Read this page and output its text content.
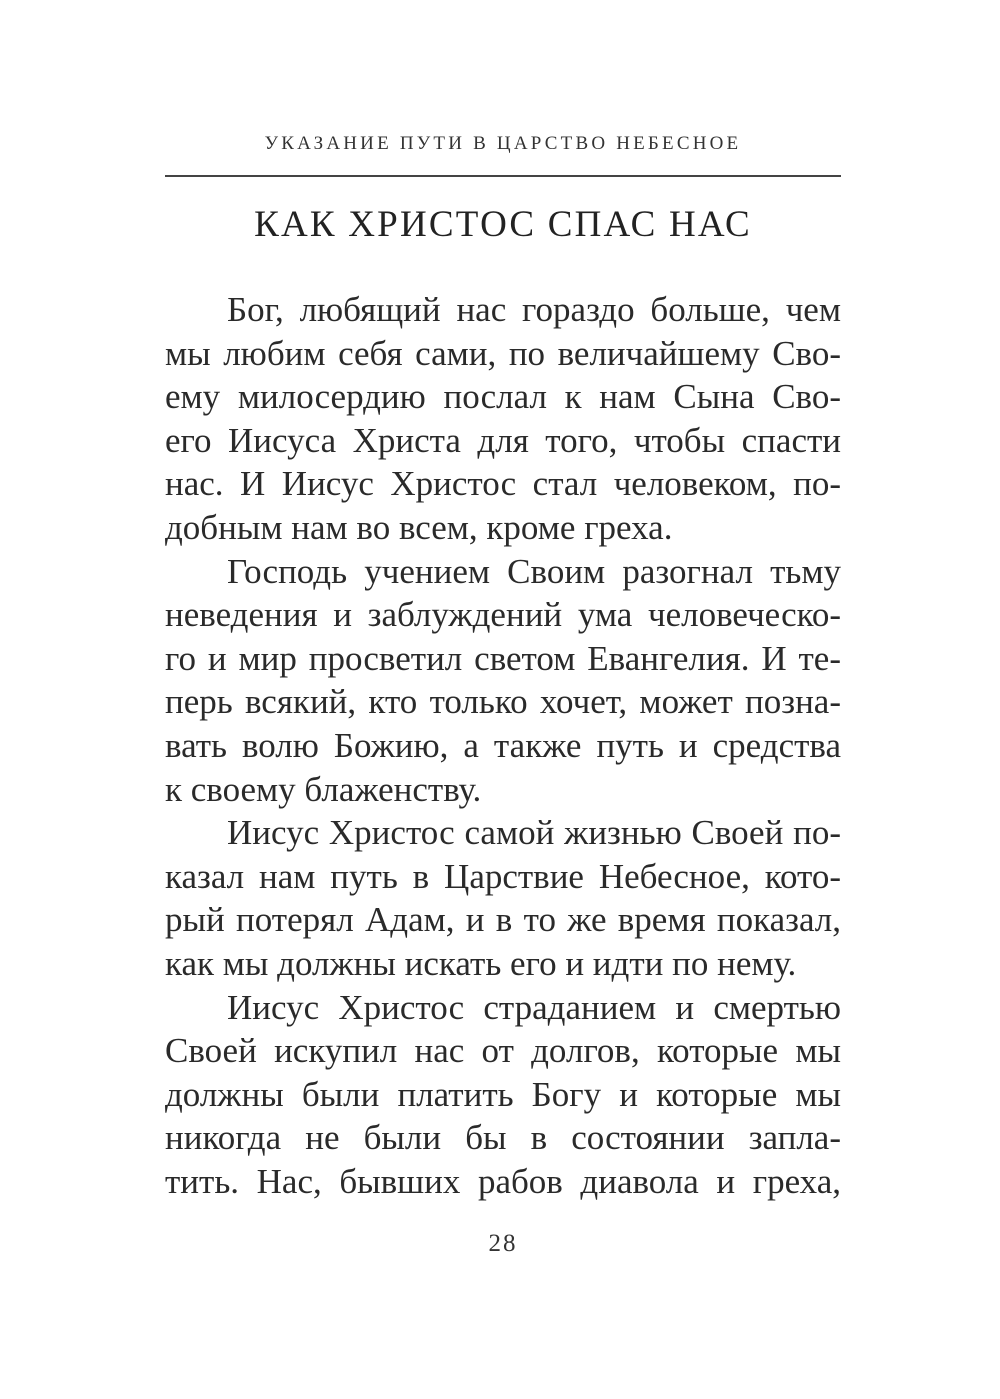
УКАЗАНИЕ ПУТИ В ЦАРСТВО НЕБЕСНОЕ
КАК ХРИСТОС СПАС НАС
Бог, любящий нас гораздо больше, чем
мы любим себя сами, по величайшему Сво-
ему милосердию послал к нам Сына Сво-
его Иисуса Христа для того, чтобы спасти
нас. И Иисус Христос стал человеком, по-
добным нам во всем, кроме греха.
Господь учением Своим разогнал тьму
неведения и заблуждений ума человеческо-
го и мир просветил светом Евангелия. И те-
перь всякий, кто только хочет, может позна-
вать волю Божию, а также путь и средства
к своему блаженству.
Иисус Христос самой жизнью Своей по-
казал нам путь в Царствие Небесное, кото-
рый потерял Адам, и в то же время показал,
как мы должны искать его и идти по нему.
Иисус Христос страданием и смертью
Своей искупил нас от долгов, которые мы
должны были платить Богу и которые мы
никогда не были бы в состоянии запла-
тить. Нас, бывших рабов диавола и греха,
28
